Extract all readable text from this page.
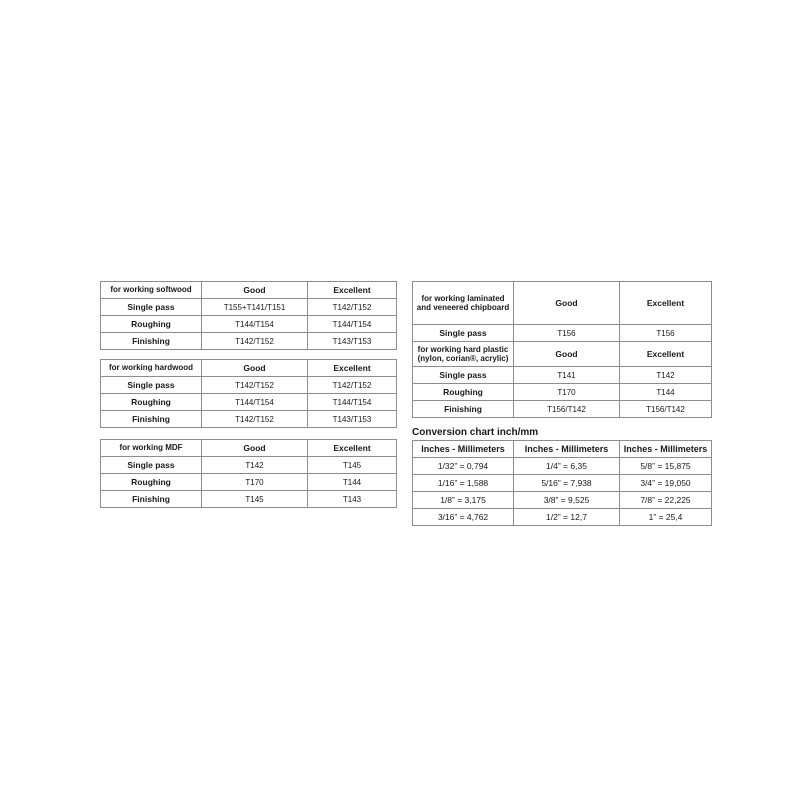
for working softwood	Good	Excellent
Single pass	T155+T141/T151	T142/T152
Roughing	T144/T154	T144/T154
Finishing	T142/T152	T143/T153
for working hardwood	Good	Excellent
Single pass	T142/T152	T142/T152
Roughing	T144/T154	T144/T154
Finishing	T142/T152	T143/T153
for working MDF	Good	Excellent
Single pass	T142	T145
Roughing	T170	T144
Finishing	T145	T143
for working laminated and veneered chipboard	Good	Excellent
Single pass	T156	T156
for working hard plastic (nylon, corian®, acrylic)	Good	Excellent
Single pass	T141	T142
Roughing	T170	T144
Finishing	T156/T142	T156/T142
Conversion chart inch/mm
Inches - Millimeters	Inches - Millimeters	Inches - Millimeters
1/32” = 0,794	1/4” = 6,35	5/8” = 15,875
1/16” = 1,588	5/16” = 7,938	3/4” = 19,050
1/8” = 3,175	3/8” = 9,525	7/8” = 22,225
3/16” = 4,762	1/2” = 12,7	1” = 25,4
